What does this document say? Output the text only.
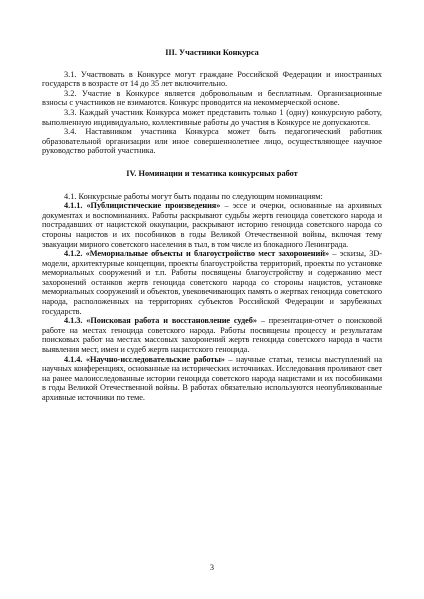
III. Участники Конкурса

3.1. Участвовать в Конкурсе могут граждане Российской Федерации и иностранных государств в возрасте от 14 до 35 лет включительно.

3.2. Участие в Конкурсе является добровольным и бесплатным. Организационные взносы с участников не взимаются. Конкурс проводится на некоммерческой основе.

3.3. Каждый участник Конкурса может представить только 1 (одну) конкурсную работу, выполненную индивидуально, коллективные работы до участия в Конкурсе не допускаются.

3.4. Наставником участника Конкурса может быть педагогический работник образовательной организации или иное совершеннолетнее лицо, осуществляющее научное руководство работой участника.

IV. Номинации и тематика конкурсных работ

4.1. Конкурсные работы могут быть поданы по следующим номинациям:

4.1.1. «Публицистические произведения» – эссе и очерки, основанные на архивных документах и воспоминаниях. Работы раскрывают судьбы жертв геноцида советского народа и пострадавших от нацистской оккупации, раскрывают историю геноцида советского народа со стороны нацистов и их пособников в годы Великой Отечественной войны, включая тему эвакуации мирного советского населения в тыл, в том числе из блокадного Ленинграда.

4.1.2. «Мемориальные объекты и благоустройство мест захоронений» – эскизы, 3D-модели, архитектурные концепции, проекты благоустройства территорий, проекты по установке мемориальных сооружений и т.п. Работы посвящены благоустройству и содержанию мест захоронений останков жертв геноцида советского народа со стороны нацистов, установке мемориальных сооружений и объектов, увековечивающих память о жертвах геноцида советского народа, расположенных на территориях субъектов Российской Федерации и зарубежных государств.

4.1.3. «Поисковая работа и восстановление судеб» – презентация-отчет о поисковой работе на местах геноцида советского народа. Работы посвящены процессу и результатам поисковых работ на местах массовых захоронений жертв геноцида советского народа в части выявления мест, имен и судеб жертв нацистского геноцида.

4.1.4. «Научно-исследовательские работы» – научные статьи, тезисы выступлений на научных конференциях, основанные на исторических источниках. Исследования проливают свет на ранее малоисследованные истории геноцида советского народа нацистами и их пособниками в годы Великой Отечественной войны. В работах обязательно используются неопубликованные архивные источники по теме.

3
